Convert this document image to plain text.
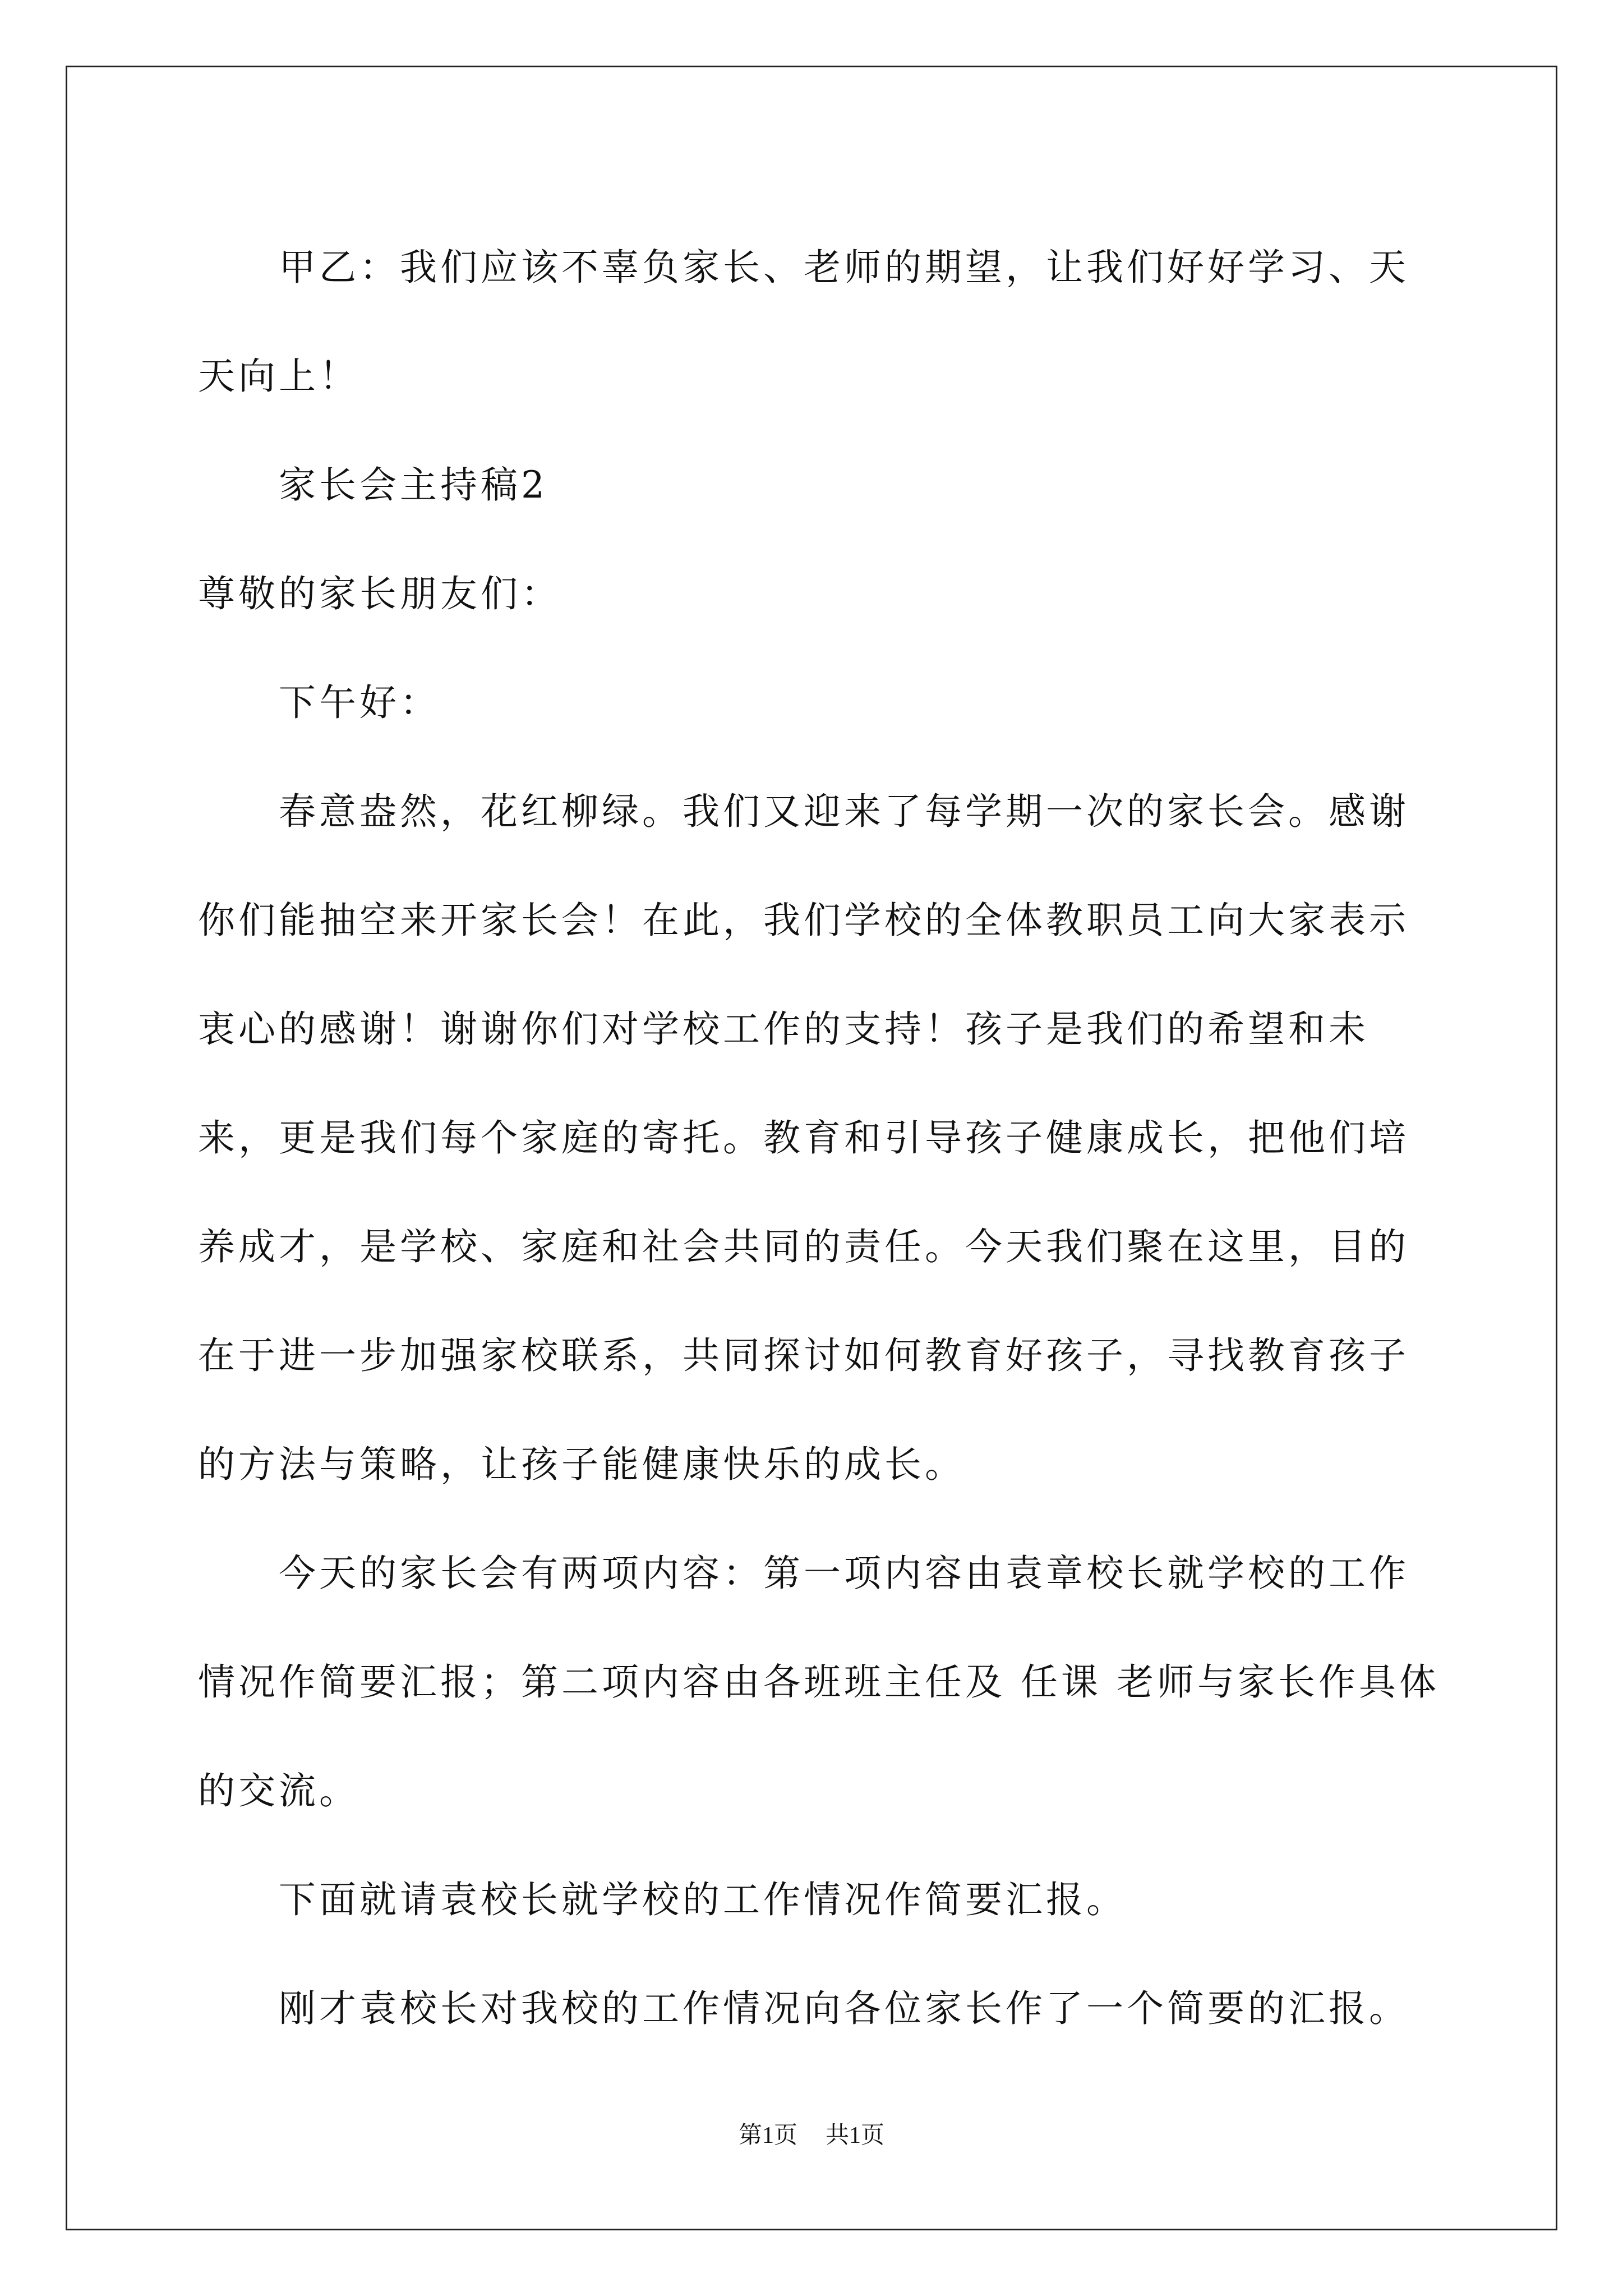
甲乙：我们应该不辜负家长、老师的期望，让我们好好学习、天天向上！

家长会主持稿2

尊敬的家长朋友们：

下午好：

春意盎然，花红柳绿。我们又迎来了每学期一次的家长会。感谢你们能抽空来开家长会！在此，我们学校的全体教职员工向大家表示衷心的感谢！谢谢你们对学校工作的支持！孩子是我们的希望和未来，更是我们每个家庭的寄托。教育和引导孩子健康成长，把他们培养成才，是学校、家庭和社会共同的责任。今天我们聚在这里，目的在于进一步加强家校联系，共同探讨如何教育好孩子，寻找教育孩子的方法与策略，让孩子能健康快乐的成长。

今天的家长会有两项内容：第一项内容由袁章校长就学校的工作情况作简要汇报；第二项内容由各班班主任及 任课 老师与家长作具体的交流。

下面就请袁校长就学校的工作情况作简要汇报。

刚才袁校长对我校的工作情况向各位家长作了一个简要的汇报。

第1页 共1页
